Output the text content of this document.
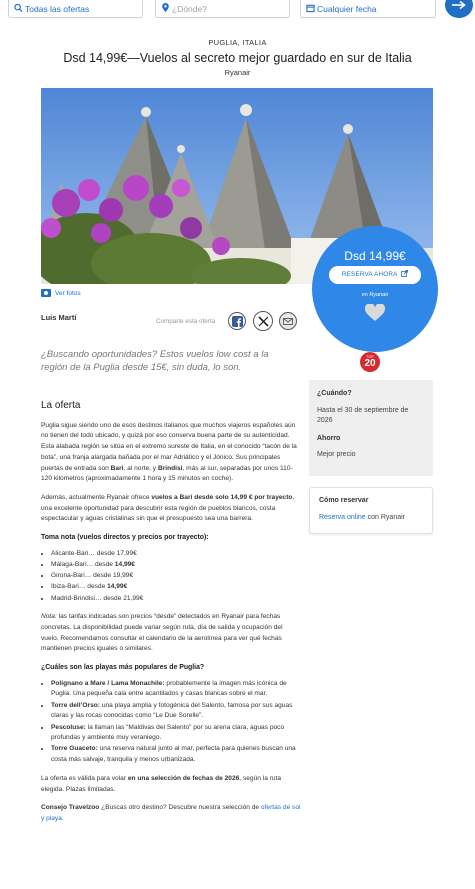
Todas las ofertas	¿Dónde?	Cualquier fecha
PUGLIA, ITALIA
Dsd 14,99€—Vuelos al secreto mejor guardado en sur de Italia
Ryanair
Ver fotos
Dsd 14,99€
RESERVA AHORA
en Ryanair
Luis Martí	Comparte esta oferta
¿Buscando oportunidades? Estos vuelos low cost a la región de la Puglia desde 15€, sin duda, lo son.
TOP
20
¿Cuándo?
Hasta el 30 de septiembre de 2026
Ahorro
Mejor precio
Cómo reservar
Reserva online con Ryanair
La oferta

Puglia sigue siendo uno de esos destinos italianos que muchos viajeros españoles aún no tienen del todo ubicado, y quizá por eso conserva buena parte de su autenticidad. Esta alabada región se sitúa en el extremo sureste de Italia, en el conocido “tacón de la bota”, una franja alargada bañada por el mar Adriático y el Jónico. Sus principales puertas de entrada son Bari, al norte, y Brindisi, más al sur, separadas por unos 110-120 kilómetros (aproximadamente 1 hora y 15 minutos en coche).

Además, actualmente Ryanair ofrece vuelos a Bari desde solo 14,99 € por trayecto, una excelente oportunidad para descubrir esta región de pueblos blancos, costa espectacular y aguas cristalinas sin que el presupuesto sea una barrera.

Toma nota (vuelos directos y precios por trayecto):
• Alicante-Bari… desde 17,99€
• Málaga-Bari… desde 14,99€
• Girona-Bari… desde 19,99€
• Ibiza-Bari… desde 14,99€
• Madrid-Brindisi… desde 21,99€

Nota: las tarifas indicadas son precios “desde” detectados en Ryanair para fechas concretas. La disponibilidad puede variar según ruta, día de salida y ocupación del vuelo. Recomendamos consultar el calendario de la aerolínea para ver qué fechas mantienen precios iguales o similares.

¿Cuáles son las playas más populares de Puglia?
• Polignano a Mare / Lama Monachile: probablemente la imagen más icónica de Puglia. Una pequeña cala entre acantilados y casas blancas sobre el mar.
• Torre dell’Orso: una playa amplia y fotogénica del Salento, famosa por sus aguas claras y las rocas conocidas como “Le Due Sorelle”.
• Pescoluse: la llaman las “Maldivas del Salento” por su arena clara, aguas poco profundas y ambiente muy veraniego.
• Torre Guaceto: una reserva natural junto al mar, perfecta para quienes buscan una costa más salvaje, tranquila y menos urbanizada.

La oferta es válida para volar en una selección de fechas de 2026, según la ruta elegida. Plazas limitadas.

Consejo Travelzoo ¿Buscas otro destino? Descubre nuestra selección de ofertas de sol y playa.
